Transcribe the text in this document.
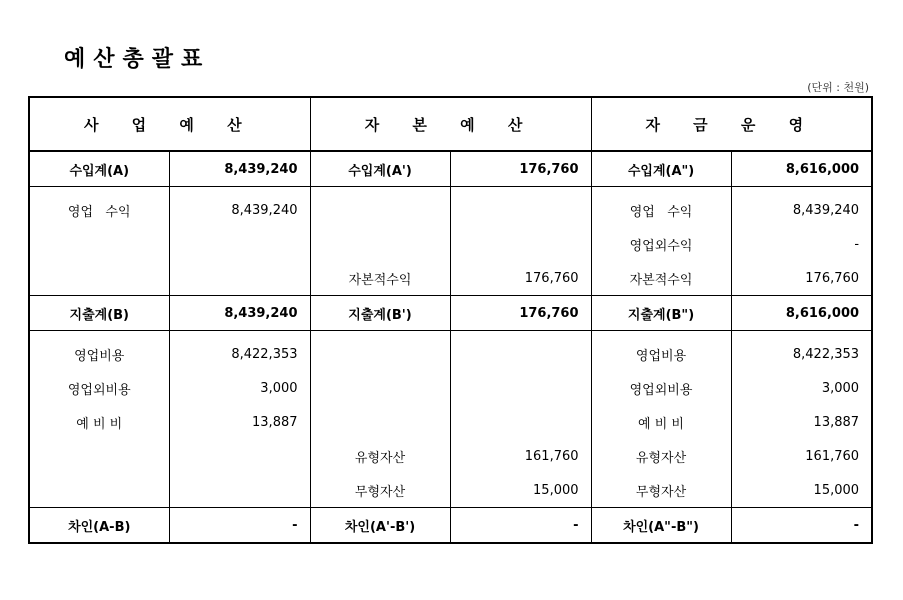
예산총괄표
(단위 : 천원)
사 업 예 산		자 본 예 산		자 금 운 영	
수입계(A)	8,439,240	수입계(A')	176,760	수입계(A")	8,616,000
영업   수익	8,439,240			영업   수익	8,439,240
				영업외수익	-
		자본적수익	176,760	자본적수익	176,760
지출계(B)	8,439,240	지출계(B')	176,760	지출계(B")	8,616,000
영업비용	8,422,353			영업비용	8,422,353
영업외비용	3,000			영업외비용	3,000
예 비 비	13,887			예 비 비	13,887
		유형자산	161,760	유형자산	161,760
		무형자산	15,000	무형자산	15,000
차인(A-B)	-	차인(A'-B')	-	차인(A"-B")	-
